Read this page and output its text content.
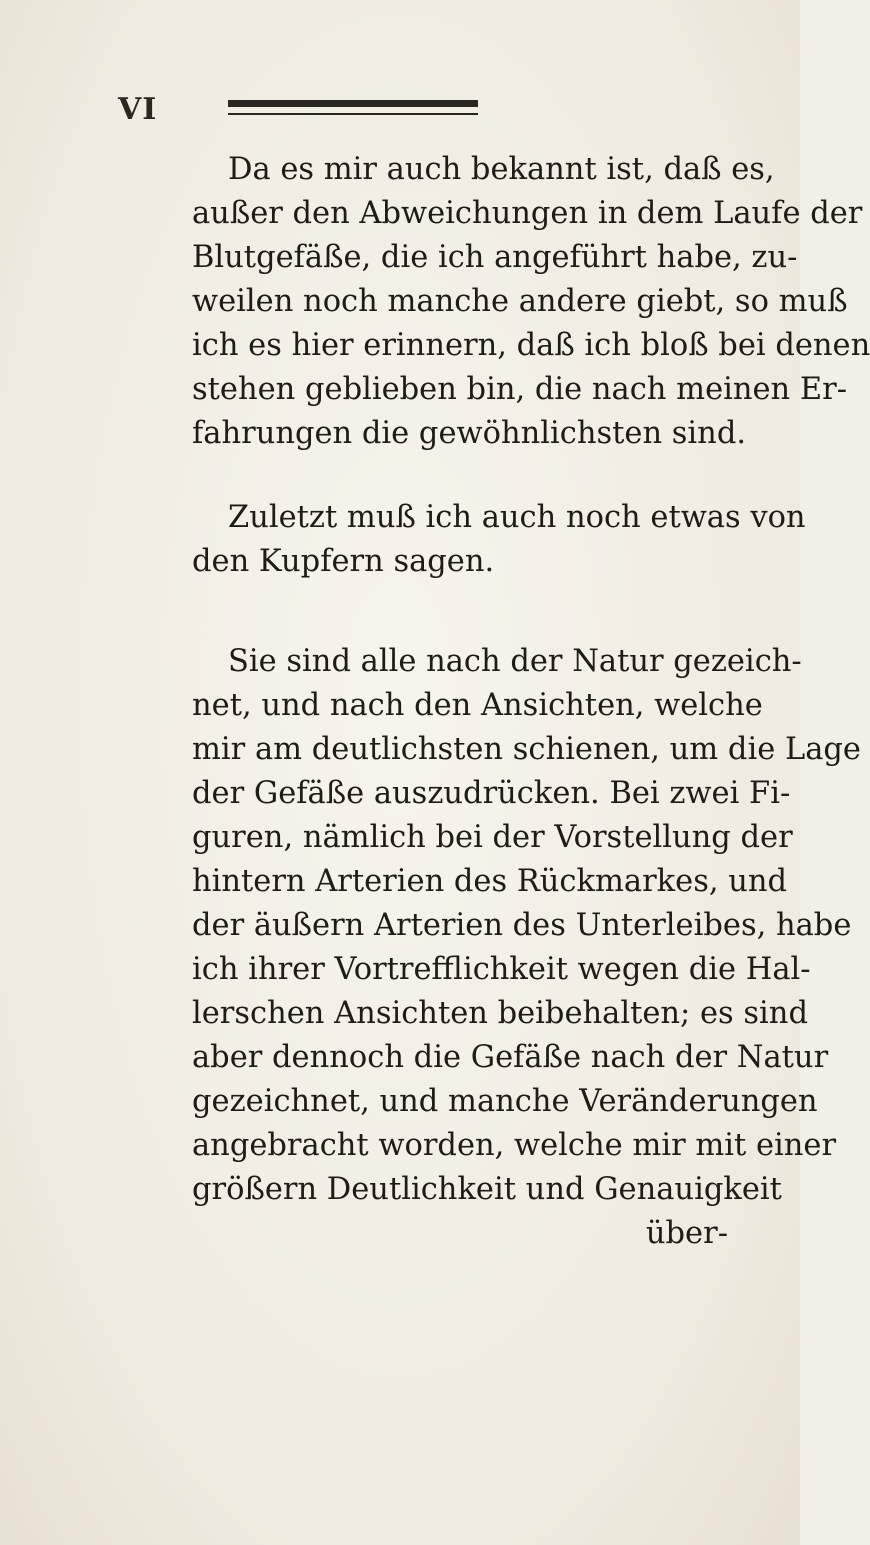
VI

Da es mir auch bekannt ist, daß es,
außer den Abweichungen in dem Laufe der
Blutgefäße, die ich angeführt habe, zu-
weilen noch manche andere giebt, so muß
ich es hier erinnern, daß ich bloß bei denen
stehen geblieben bin, die nach meinen Er-
fahrungen die gewöhnlichsten sind.

Zuletzt muß ich auch noch etwas von
den Kupfern sagen.

Sie sind alle nach der Natur gezeich-
net, und nach den Ansichten, welche
mir am deutlichsten schienen, um die Lage
der Gefäße auszudrücken. Bei zwei Fi-
guren, nämlich bei der Vorstellung der
hintern Arterien des Rückmarkes, und
der äußern Arterien des Unterleibes, habe
ich ihrer Vortrefflichkeit wegen die Hal-
lerschen Ansichten beibehalten; es sind
aber dennoch die Gefäße nach der Natur
gezeichnet, und manche Veränderungen
angebracht worden, welche mir mit einer
größern Deutlichkeit und Genauigkeit

über-
